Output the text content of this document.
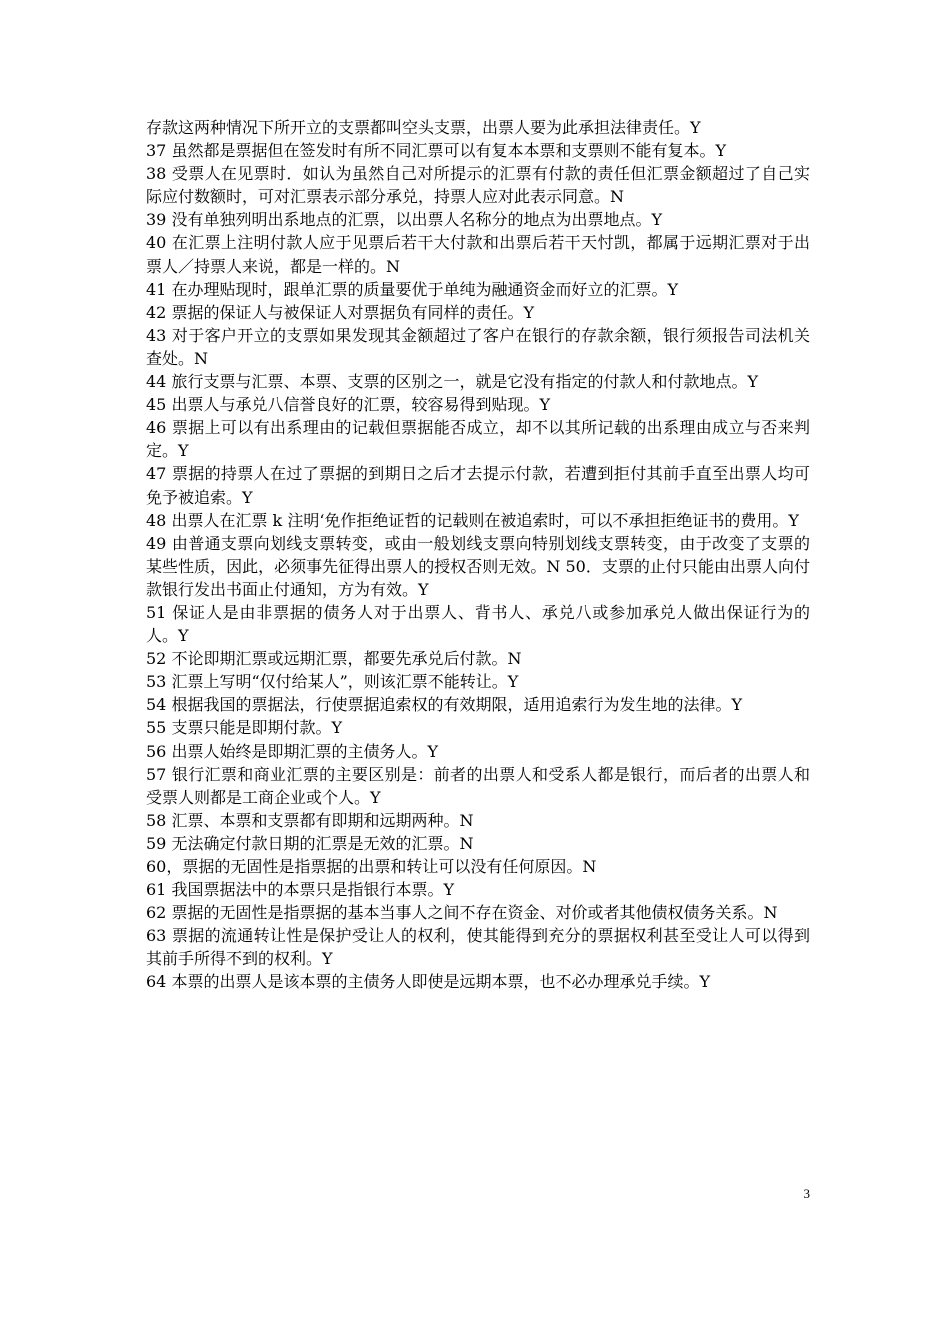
存款这两种情况下所开立的支票都叫空头支票，出票人要为此承担法律责任。Y

37 虽然都是票据但在签发时有所不同汇票可以有复本本票和支票则不能有复本。Y

38 受票人在见票时．如认为虽然自己对所提示的汇票有付款的责任但汇票金额超过了自己实际应付数额时，可对汇票表示部分承兑，持票人应对此表示同意。N

39 没有单独列明出系地点的汇票，以出票人名称分的地点为出票地点。Y

40 在汇票上注明付款人应于见票后若干大付款和出票后若干天忖凯，都属于远期汇票对于出票人／持票人来说，都是一样的。N

41 在办理贴现时，跟单汇票的质量要优于单纯为融通资金而好立的汇票。Y

42 票据的保证人与被保证人对票据负有同样的责任。Y

43 对于客户开立的支票如果发现其金额超过了客户在银行的存款余额，银行须报告司法机关查处。N

44 旅行支票与汇票、本票、支票的区别之一，就是它没有指定的付款人和付款地点。Y

45 出票人与承兑八信誉良好的汇票，较容易得到贴现。Y

46 票据上可以有出系理由的记载但票据能否成立，却不以其所记载的出系理由成立与否来判定。Y

47 票据的持票人在过了票据的到期日之后才去提示付款，若遭到拒付其前手直至出票人均可免予被追索。Y

48 出票人在汇票 k 注明‘免作拒绝证哲的记载则在被追索时，可以不承担拒绝证书的费用。Y

49 由普通支票向划线支票转变，或由一般划线支票向特别划线支票转变，由于改变了支票的某些性质，因此，必须事先征得出票人的授权否则无效。N 50．支票的止付只能由出票人向付款银行发出书面止付通知，方为有效。Y

51 保证人是由非票据的债务人对于出票人、背书人、承兑八或参加承兑人做出保证行为的人。Y

52 不论即期汇票或远期汇票，都要先承兑后付款。N

53 汇票上写明“仅付给某人”，则该汇票不能转让。Y

54 根据我国的票据法，行使票据追索权的有效期限，适用追索行为发生地的法律。Y

55 支票只能是即期付款。Y

56 出票人始终是即期汇票的主债务人。Y

57 银行汇票和商业汇票的主要区别是：前者的出票人和受系人都是银行，而后者的出票人和受票人则都是工商企业或个人。Y

58 汇票、本票和支票都有即期和远期两种。N

59 无法确定付款日期的汇票是无效的汇票。N

60，票据的无固性是指票据的出票和转让可以没有任何原因。N

61 我国票据法中的本票只是指银行本票。Y

62 票据的无固性是指票据的基本当事人之间不存在资金、对价或者其他债权债务关系。N

63 票据的流通转让性是保护受让人的权利，使其能得到充分的票据权利甚至受让人可以得到其前手所得不到的权利。Y

64 本票的出票人是该本票的主债务人即使是远期本票，也不必办理承兑手续。Y

3
